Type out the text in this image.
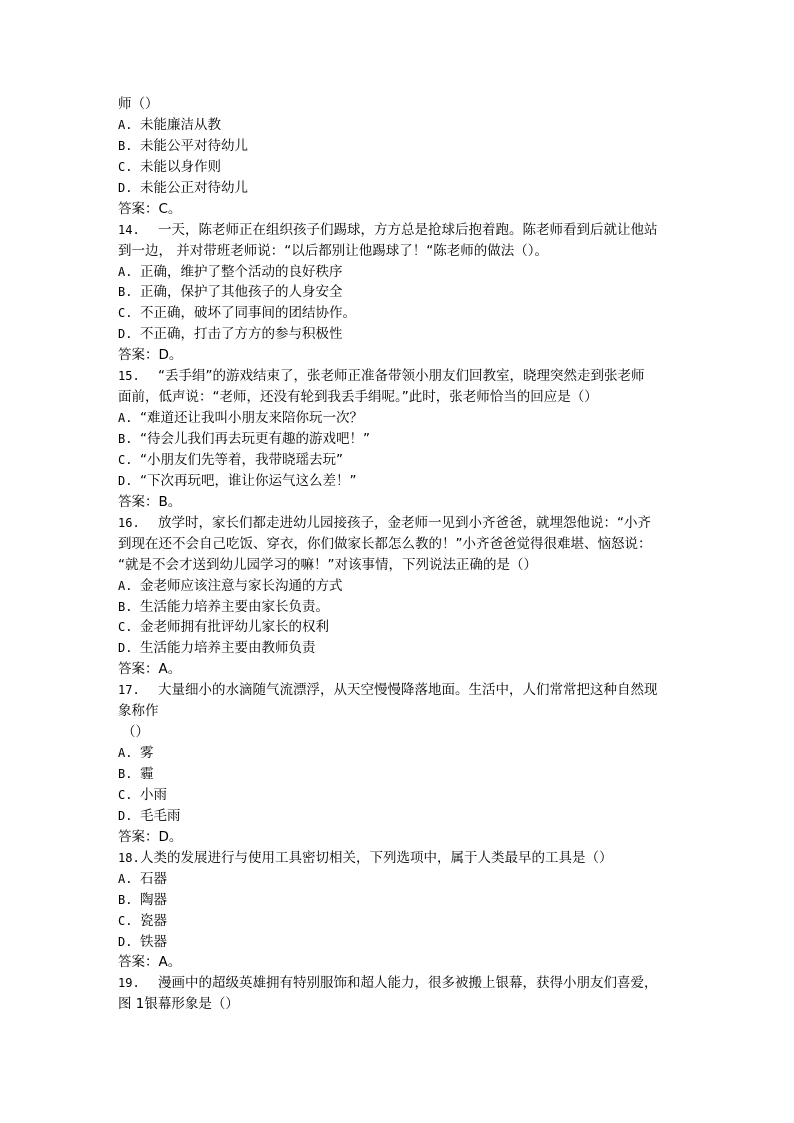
师（）
A. 未能廉洁从教
B. 未能公平对待幼儿
C. 未能以身作则
D. 未能公正对待幼儿
答案：C。
14. 一天，陈老师正在组织孩子们踢球，方方总是抢球后抱着跑。陈老师看到后就让他站
到一边， 并对带班老师说：“以后都别让他踢球了！“陈老师的做法（）。
A. 正确，维护了整个活动的良好秩序
B. 正确，保护了其他孩子的人身安全
C. 不正确，破坏了同事间的团结协作。
D. 不正确，打击了方方的参与积极性
答案：D。
15. “丢手绢”的游戏结束了，张老师正准备带领小朋友们回教室，晓理突然走到张老师
面前，低声说：“老师，还没有轮到我丢手绢呢。”此时，张老师恰当的回应是（）
A. “难道还让我叫小朋友来陪你玩一次？
B. “待会儿我们再去玩更有趣的游戏吧！”
C. “小朋友们先等着，我带晓瑶去玩”
D. “下次再玩吧，谁让你运气这么差！”
答案：B。
16. 放学时，家长们都走进幼儿园接孩子，金老师一见到小齐爸爸，就埋怨他说：“小齐
到现在还不会自己吃饭、穿衣，你们做家长都怎么教的！”小齐爸爸觉得很难堪、恼怒说：
“就是不会才送到幼儿园学习的嘛！”对该事情，下列说法正确的是（）
A. 金老师应该注意与家长沟通的方式
B. 生活能力培养主要由家长负责。
C. 金老师拥有批评幼儿家长的权利
D. 生活能力培养主要由教师负责
答案：A。
17. 大量细小的水滴随气流漂浮，从天空慢慢降落地面。生活中，人们常常把这种自然现
象称作
（）
A. 雾
B. 霾
C. 小雨
D. 毛毛雨
答案：D。
18.人类的发展进行与使用工具密切相关，下列选项中，属于人类最早的工具是（）
A. 石器
B. 陶器
C. 瓷器
D. 铁器
答案：A。
19. 漫画中的超级英雄拥有特别服饰和超人能力，很多被搬上银幕，获得小朋友们喜爱，
图 1银幕形象是（）
